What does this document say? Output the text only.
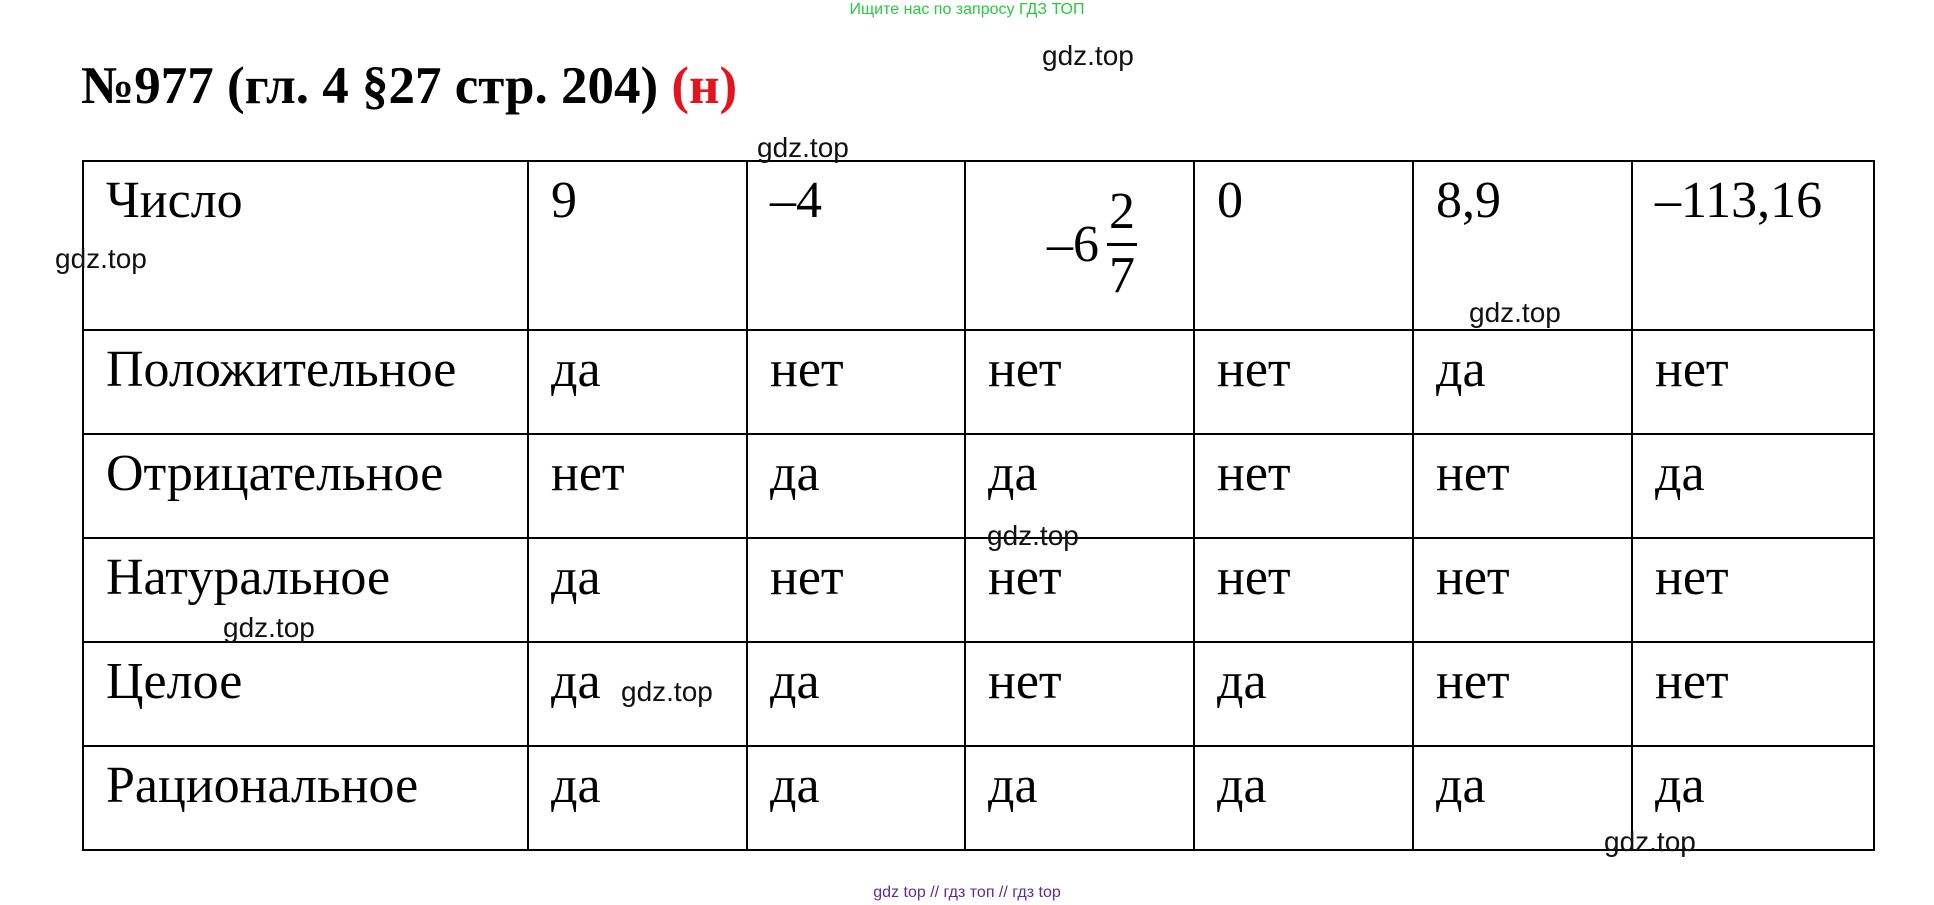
Ищите нас по запросу ГДЗ ТОП
№977 (гл. 4 §27 стр. 204) (н)
Число	9	–4	$-6 \frac{2}{7}$	0	8,9	–113,16

Положительное	да	нет	нет	нет	да	нет

Отрицательное	нет	да	да	нет	нет	да

Натуральное	да	нет	нет	нет	нет	нет

Целое	да	да	нет	да	нет	нет

Рациональное	да	да	да	да	да	да
gdz.top
gdz.top
gdz.top
gdz.top
gdz.top
gdz.top
gdz.top
gdz.top
gdz top // гдз топ // гдз top
